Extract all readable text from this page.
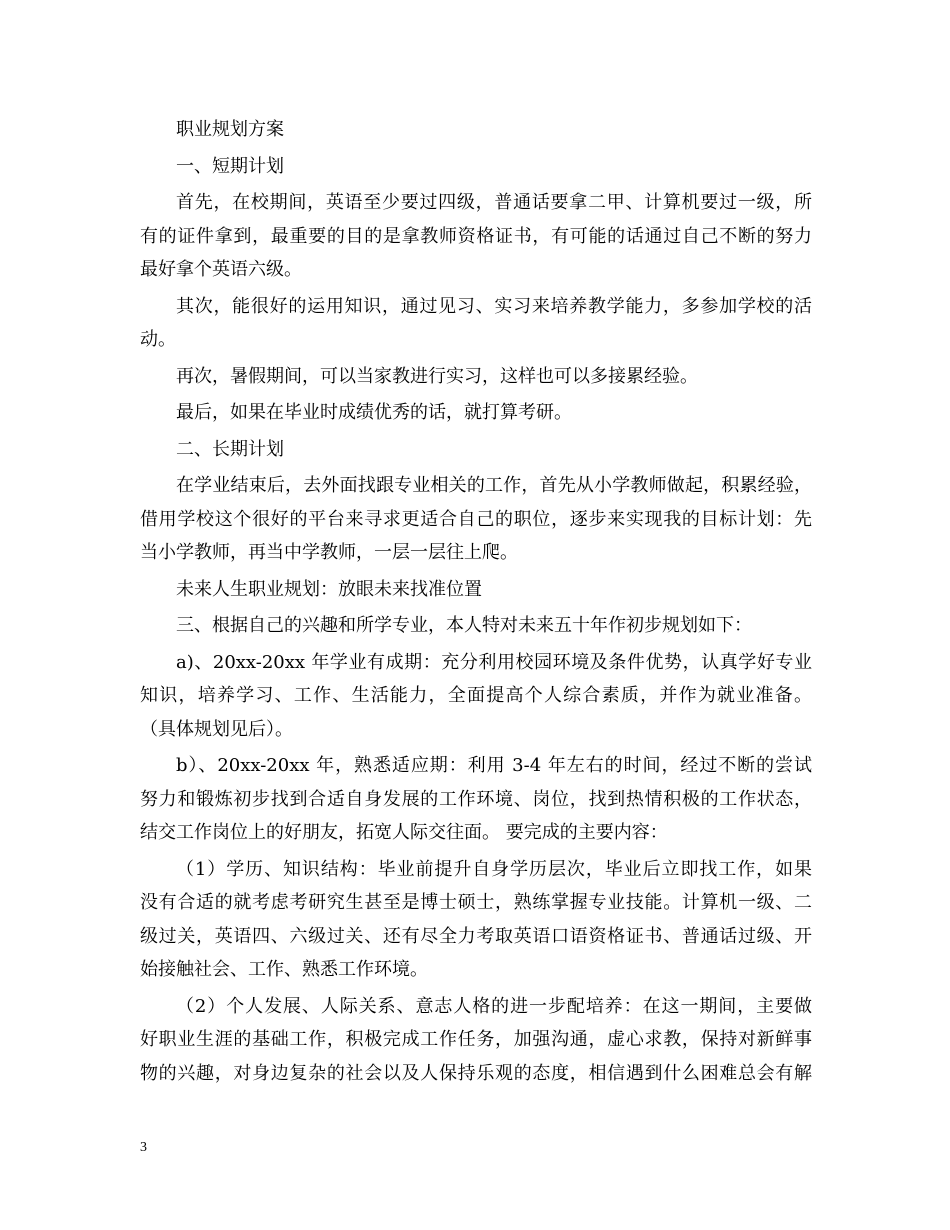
职业规划方案
一、短期计划
首先，在校期间，英语至少要过四级，普通话要拿二甲、计算机要过一级，所
有的证件拿到，最重要的目的是拿教师资格证书，有可能的话通过自己不断的努力
最好拿个英语六级。
其次，能很好的运用知识，通过见习、实习来培养教学能力，多参加学校的活
动。
再次，暑假期间，可以当家教进行实习，这样也可以多接累经验。
最后，如果在毕业时成绩优秀的话，就打算考研。
二、长期计划
在学业结束后，去外面找跟专业相关的工作，首先从小学教师做起，积累经验，
借用学校这个很好的平台来寻求更适合自己的职位，逐步来实现我的目标计划：先
当小学教师，再当中学教师，一层一层往上爬。
未来人生职业规划：放眼未来找准位置
三、根据自己的兴趣和所学专业，本人特对未来五十年作初步规划如下：
a)、20xx-20xx 年学业有成期：充分利用校园环境及条件优势，认真学好专业
知识，培养学习、工作、生活能力，全面提高个人综合素质，并作为就业准备。
（具体规划见后）。
b）、20xx-20xx 年，熟悉适应期：利用 3-4 年左右的时间，经过不断的尝试
努力和锻炼初步找到合适自身发展的工作环境、岗位，找到热情积极的工作状态，
结交工作岗位上的好朋友，拓宽人际交往面。 要完成的主要内容：
（1）学历、知识结构：毕业前提升自身学历层次，毕业后立即找工作，如果
没有合适的就考虑考研究生甚至是博士硕士，熟练掌握专业技能。计算机一级、二
级过关，英语四、六级过关、还有尽全力考取英语口语资格证书、普通话过级、开
始接触社会、工作、熟悉工作环境。
（2）个人发展、人际关系、意志人格的进一步配培养：在这一期间，主要做
好职业生涯的基础工作，积极完成工作任务，加强沟通，虚心求教，保持对新鲜事
物的兴趣，对身边复杂的社会以及人保持乐观的态度，相信遇到什么困难总会有解
3
